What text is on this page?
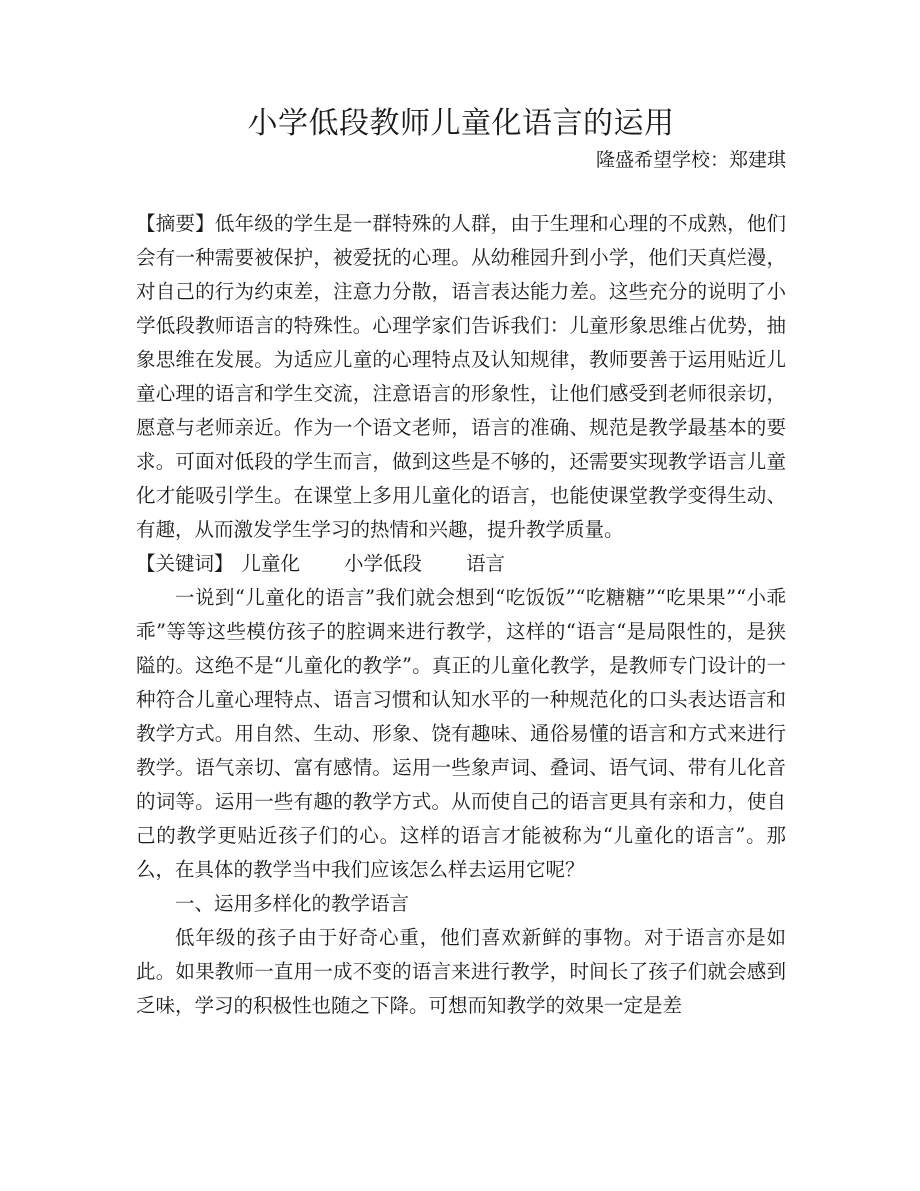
小学低段教师儿童化语言的运用
隆盛希望学校：郑建琪

【摘要】低年级的学生是一群特殊的人群，由于生理和心理的不成熟，他们会有一种需要被保护，被爱抚的心理。从幼稚园升到小学，他们天真烂漫，对自己的行为约束差，注意力分散，语言表达能力差。这些充分的说明了小学低段教师语言的特殊性。心理学家们告诉我们：儿童形象思维占优势，抽象思维在发展。为适应儿童的心理特点及认知规律，教师要善于运用贴近儿童心理的语言和学生交流，注意语言的形象性，让他们感受到老师很亲切，愿意与老师亲近。作为一个语文老师，语言的准确、规范是教学最基本的要求。可面对低段的学生而言，做到这些是不够的，还需要实现教学语言儿童化才能吸引学生。在课堂上多用儿童化的语言，也能使课堂教学变得生动、有趣，从而激发学生学习的热情和兴趣，提升教学质量。

【关键词】 儿童化 小学低段 语言

一说到“儿童化的语言”我们就会想到“吃饭饭”“吃糖糖”“吃果果”“小乖乖”等等这些模仿孩子的腔调来进行教学，这样的“语言“是局限性的，是狭隘的。这绝不是“儿童化的教学”。真正的儿童化教学，是教师专门设计的一种符合儿童心理特点、语言习惯和认知水平的一种规范化的口头表达语言和教学方式。用自然、生动、形象、饶有趣味、通俗易懂的语言和方式来进行教学。语气亲切、富有感情。运用一些象声词、叠词、语气词、带有儿化音的词等。运用一些有趣的教学方式。从而使自己的语言更具有亲和力，使自己的教学更贴近孩子们的心。这样的语言才能被称为“儿童化的语言”。那么，在具体的教学当中我们应该怎么样去运用它呢？

一、运用多样化的教学语言

低年级的孩子由于好奇心重，他们喜欢新鲜的事物。对于语言亦是如此。如果教师一直用一成不变的语言来进行教学，时间长了孩子们就会感到乏味，学习的积极性也随之下降。可想而知教学的效果一定是差
